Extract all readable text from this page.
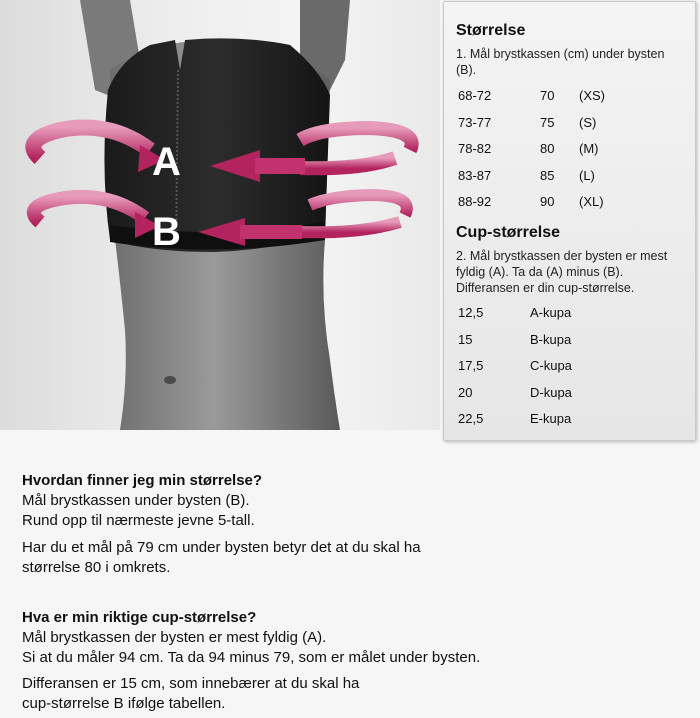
A
B
Størrelse
1. Mål brystkassen (cm) under bysten (B).
68-72	70 (XS)
73-77	75 (S)
78-82	80 (M)
83-87	85 (L)
88-92	90 (XL)
Cup-størrelse
2. Mål brystkassen der bysten er mest fyldig (A). Ta da (A) minus (B). Differansen er din cup-størrelse.
12,5	A-kupa
15	B-kupa
17,5	C-kupa
20	D-kupa
22,5	E-kupa

Hvordan finner jeg min størrelse?

Mål brystkassen under bysten (B).

Rund opp til nærmeste jevne 5-tall.

Har du et mål på 79 cm under bysten betyr det at du skal ha

størrelse 80 i omkrets.

Hva er min riktige cup-størrelse?

Mål brystkassen der bysten er mest fyldig (A).

Si at du måler 94 cm. Ta da 94 minus 79, som er målet under bysten.

Differansen er 15 cm, som innebærer at du skal ha

cup-størrelse B ifølge tabellen.
